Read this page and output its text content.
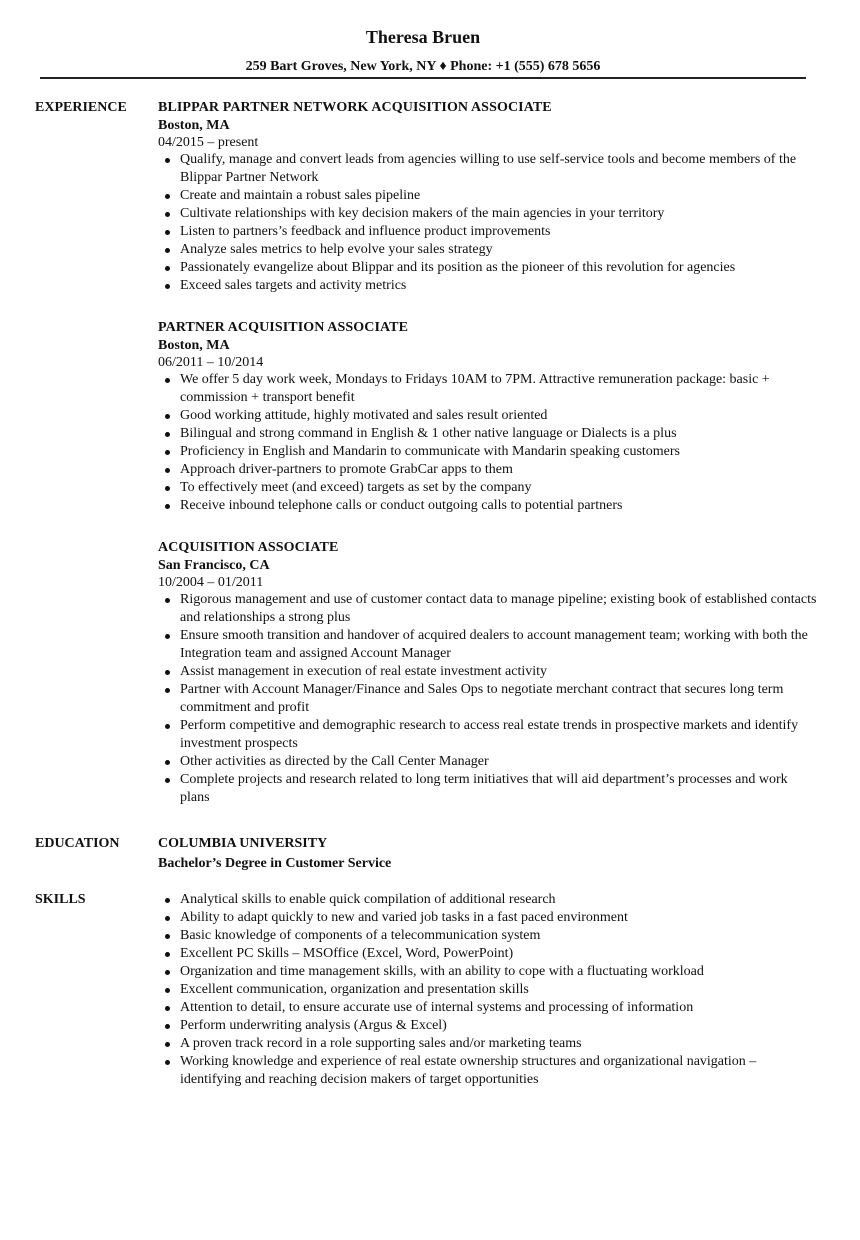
Theresa Bruen
259 Bart Groves, New York, NY ♦ Phone: +1 (555) 678 5656
EXPERIENCE BLIPPAR PARTNER NETWORK ACQUISITION ASSOCIATE
Boston, MA
04/2015 – present
Qualify, manage and convert leads from agencies willing to use self-service tools and become members of the Blippar Partner Network
Create and maintain a robust sales pipeline
Cultivate relationships with key decision makers of the main agencies in your territory
Listen to partners’s feedback and influence product improvements
Analyze sales metrics to help evolve your sales strategy
Passionately evangelize about Blippar and its position as the pioneer of this revolution for agencies
Exceed sales targets and activity metrics
PARTNER ACQUISITION ASSOCIATE
Boston, MA
06/2011 – 10/2014
We offer 5 day work week, Mondays to Fridays 10AM to 7PM. Attractive remuneration package: basic + commission + transport benefit
Good working attitude, highly motivated and sales result oriented
Bilingual and strong command in English & 1 other native language or Dialects is a plus
Proficiency in English and Mandarin to communicate with Mandarin speaking customers
Approach driver-partners to promote GrabCar apps to them
To effectively meet (and exceed) targets as set by the company
Receive inbound telephone calls or conduct outgoing calls to potential partners
ACQUISITION ASSOCIATE
San Francisco, CA
10/2004 – 01/2011
Rigorous management and use of customer contact data to manage pipeline; existing book of established contacts and relationships a strong plus
Ensure smooth transition and handover of acquired dealers to account management team; working with both the Integration team and assigned Account Manager
Assist management in execution of real estate investment activity
Partner with Account Manager/Finance and Sales Ops to negotiate merchant contract that secures long term commitment and profit
Perform competitive and demographic research to access real estate trends in prospective markets and identify investment prospects
Other activities as directed by the Call Center Manager
Complete projects and research related to long term initiatives that will aid department’s processes and work plans
EDUCATION	COLUMBIA UNIVERSITY
Bachelor’s Degree in Customer Service
SKILLS	Analytical skills to enable quick compilation of additional research
Ability to adapt quickly to new and varied job tasks in a fast paced environment
Basic knowledge of components of a telecommunication system
Excellent PC Skills – MSOffice (Excel, Word, PowerPoint)
Organization and time management skills, with an ability to cope with a fluctuating workload
Excellent communication, organization and presentation skills
Attention to detail, to ensure accurate use of internal systems and processing of information
Perform underwriting analysis (Argus & Excel)
A proven track record in a role supporting sales and/or marketing teams
Working knowledge and experience of real estate ownership structures and organizational navigation – identifying and reaching decision makers of target opportunities
